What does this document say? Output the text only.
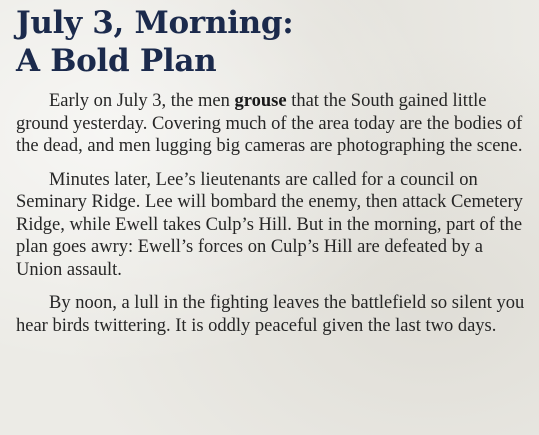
July 3, Morning:
A Bold Plan

Early on July 3, the men grouse that the South gained little ground yesterday. Covering much of the area today are the bodies of the dead, and men lugging big cameras are photographing the scene.

Minutes later, Lee’s lieutenants are called for a council on Seminary Ridge. Lee will bombard the enemy, then attack Cemetery Ridge, while Ewell takes Culp’s Hill. But in the morning, part of the plan goes awry: Ewell’s forces on Culp’s Hill are defeated by a Union assault.

By noon, a lull in the fighting leaves the battlefield so silent you hear birds twittering. It is oddly peaceful given the last two days.
